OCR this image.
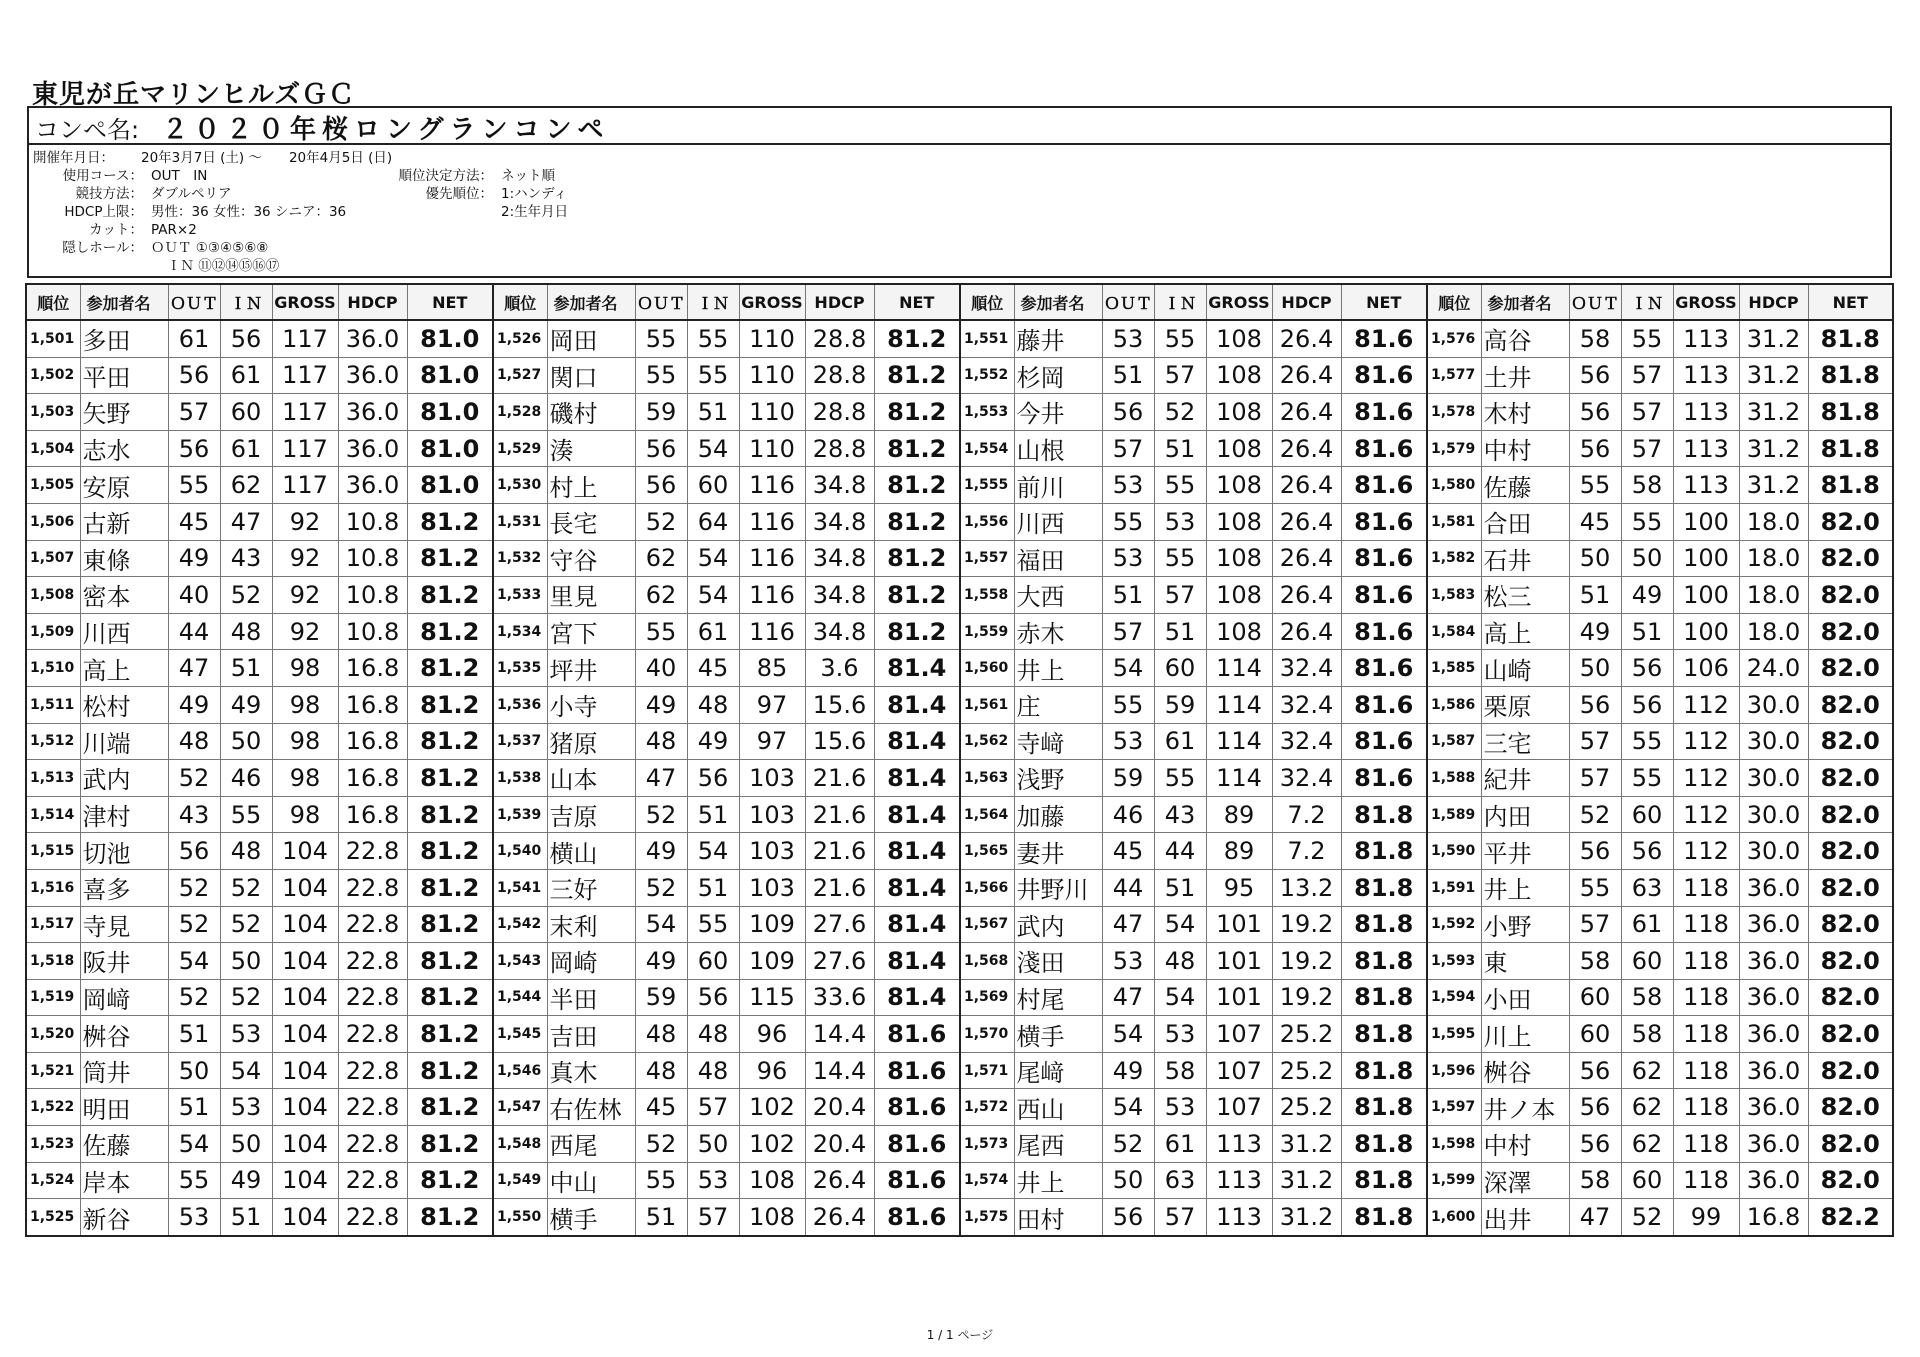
東児が丘マリンヒルズＧＣ
コンペ名: ２０２０年桜ロングランコンペ
開催年月日： 20年3月7日 (土) ～　　20年4月5日 (日)
使用コース： OUT　IN
競技方法： ダブルペリア
HDCP上限： 男性：36 女性：36 シニア：36
カット： PAR×2
隠しホール： ＯＵＴ ①③④⑤⑥⑧
ＩＮ ⑪⑫⑭⑮⑯⑰
順位決定方法： ネット順
優先順位： 1:ハンディ
2:生年月日
順位	参加者名	ＯＵＴ	ＩＮ	GROSS	HDCP	NET	順位	参加者名	ＯＵＴ	ＩＮ	GROSS	HDCP	NET	順位	参加者名	ＯＵＴ	ＩＮ	GROSS	HDCP	NET	順位	参加者名	ＯＵＴ	ＩＮ	GROSS	HDCP	NET
1,501	多田	61	56	117	36.0	81.0	1,526	岡田	55	55	110	28.8	81.2	1,551	藤井	53	55	108	26.4	81.6	1,576	高谷	58	55	113	31.2	81.8
1,502	平田	56	61	117	36.0	81.0	1,527	関口	55	55	110	28.8	81.2	1,552	杉岡	51	57	108	26.4	81.6	1,577	土井	56	57	113	31.2	81.8
1,503	矢野	57	60	117	36.0	81.0	1,528	磯村	59	51	110	28.8	81.2	1,553	今井	56	52	108	26.4	81.6	1,578	木村	56	57	113	31.2	81.8
1,504	志水	56	61	117	36.0	81.0	1,529	湊	56	54	110	28.8	81.2	1,554	山根	57	51	108	26.4	81.6	1,579	中村	56	57	113	31.2	81.8
1,505	安原	55	62	117	36.0	81.0	1,530	村上	56	60	116	34.8	81.2	1,555	前川	53	55	108	26.4	81.6	1,580	佐藤	55	58	113	31.2	81.8
1,506	古新	45	47	92	10.8	81.2	1,531	長宅	52	64	116	34.8	81.2	1,556	川西	55	53	108	26.4	81.6	1,581	合田	45	55	100	18.0	82.0
1,507	東條	49	43	92	10.8	81.2	1,532	守谷	62	54	116	34.8	81.2	1,557	福田	53	55	108	26.4	81.6	1,582	石井	50	50	100	18.0	82.0
1,508	密本	40	52	92	10.8	81.2	1,533	里見	62	54	116	34.8	81.2	1,558	大西	51	57	108	26.4	81.6	1,583	松三	51	49	100	18.0	82.0
1,509	川西	44	48	92	10.8	81.2	1,534	宮下	55	61	116	34.8	81.2	1,559	赤木	57	51	108	26.4	81.6	1,584	高上	49	51	100	18.0	82.0
1,510	高上	47	51	98	16.8	81.2	1,535	坪井	40	45	85	3.6	81.4	1,560	井上	54	60	114	32.4	81.6	1,585	山崎	50	56	106	24.0	82.0
1,511	松村	49	49	98	16.8	81.2	1,536	小寺	49	48	97	15.6	81.4	1,561	庄	55	59	114	32.4	81.6	1,586	栗原	56	56	112	30.0	82.0
1,512	川端	48	50	98	16.8	81.2	1,537	猪原	48	49	97	15.6	81.4	1,562	寺﨑	53	61	114	32.4	81.6	1,587	三宅	57	55	112	30.0	82.0
1,513	武内	52	46	98	16.8	81.2	1,538	山本	47	56	103	21.6	81.4	1,563	浅野	59	55	114	32.4	81.6	1,588	紀井	57	55	112	30.0	82.0
1,514	津村	43	55	98	16.8	81.2	1,539	吉原	52	51	103	21.6	81.4	1,564	加藤	46	43	89	7.2	81.8	1,589	内田	52	60	112	30.0	82.0
1,515	切池	56	48	104	22.8	81.2	1,540	横山	49	54	103	21.6	81.4	1,565	妻井	45	44	89	7.2	81.8	1,590	平井	56	56	112	30.0	82.0
1,516	喜多	52	52	104	22.8	81.2	1,541	三好	52	51	103	21.6	81.4	1,566	井野川	44	51	95	13.2	81.8	1,591	井上	55	63	118	36.0	82.0
1,517	寺見	52	52	104	22.8	81.2	1,542	末利	54	55	109	27.6	81.4	1,567	武内	47	54	101	19.2	81.8	1,592	小野	57	61	118	36.0	82.0
1,518	阪井	54	50	104	22.8	81.2	1,543	岡崎	49	60	109	27.6	81.4	1,568	淺田	53	48	101	19.2	81.8	1,593	東	58	60	118	36.0	82.0
1,519	岡﨑	52	52	104	22.8	81.2	1,544	半田	59	56	115	33.6	81.4	1,569	村尾	47	54	101	19.2	81.8	1,594	小田	60	58	118	36.0	82.0
1,520	桝谷	51	53	104	22.8	81.2	1,545	吉田	48	48	96	14.4	81.6	1,570	横手	54	53	107	25.2	81.8	1,595	川上	60	58	118	36.0	82.0
1,521	筒井	50	54	104	22.8	81.2	1,546	真木	48	48	96	14.4	81.6	1,571	尾﨑	49	58	107	25.2	81.8	1,596	桝谷	56	62	118	36.0	82.0
1,522	明田	51	53	104	22.8	81.2	1,547	右佐林	45	57	102	20.4	81.6	1,572	西山	54	53	107	25.2	81.8	1,597	井ノ本	56	62	118	36.0	82.0
1,523	佐藤	54	50	104	22.8	81.2	1,548	西尾	52	50	102	20.4	81.6	1,573	尾西	52	61	113	31.2	81.8	1,598	中村	56	62	118	36.0	82.0
1,524	岸本	55	49	104	22.8	81.2	1,549	中山	55	53	108	26.4	81.6	1,574	井上	50	63	113	31.2	81.8	1,599	深澤	58	60	118	36.0	82.0
1,525	新谷	53	51	104	22.8	81.2	1,550	横手	51	57	108	26.4	81.6	1,575	田村	56	57	113	31.2	81.8	1,600	出井	47	52	99	16.8	82.2
1 / 1 ページ
